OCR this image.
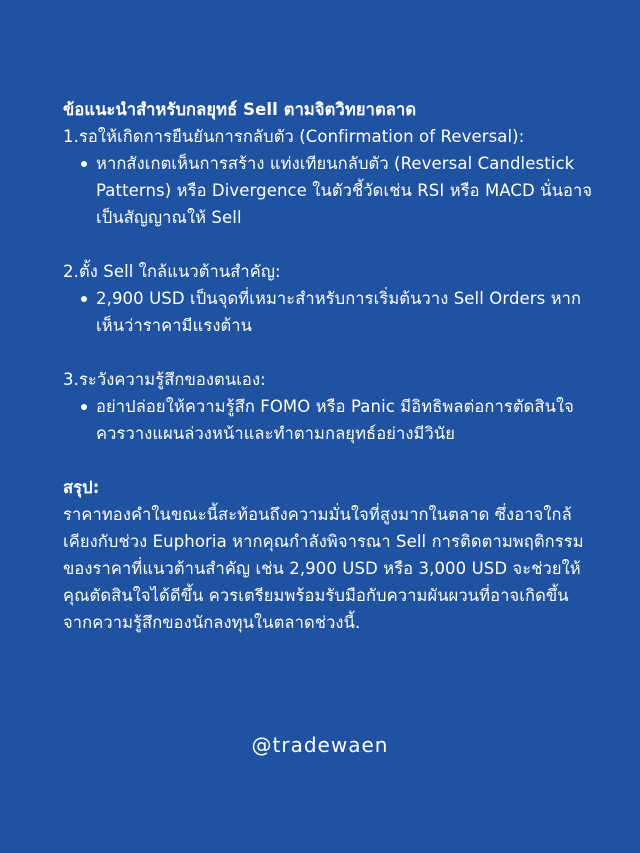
ข้อแนะนำสำหรับกลยุทธ์ Sell ตามจิตวิทยาตลาด

1.รอให้เกิดการยืนยันการกลับตัว (Confirmation of Reversal):

หากสังเกตเห็นการสร้าง แท่งเทียนกลับตัว (Reversal Candlestick Patterns) หรือ Divergence ในตัวชี้วัดเช่น RSI หรือ MACD นั่นอาจเป็นสัญญาณให้ Sell

2.ตั้ง Sell ใกล้แนวต้านสำคัญ:

2,900 USD เป็นจุดที่เหมาะสำหรับการเริ่มต้นวาง Sell Orders หากเห็นว่าราคามีแรงต้าน

3.ระวังความรู้สึกของตนเอง:

อย่าปล่อยให้ความรู้สึก FOMO หรือ Panic มีอิทธิพลต่อการตัดสินใจ ควรวางแผนล่วงหน้าและทำตามกลยุทธ์อย่างมีวินัย

สรุป:

ราคาทองคำในขณะนี้สะท้อนถึงความมั่นใจที่สูงมากในตลาด ซึ่งอาจใกล้เคียงกับช่วง Euphoria หากคุณกำลังพิจารณา Sell การติดตามพฤติกรรมของราคาที่แนวต้านสำคัญ เช่น 2,900 USD หรือ 3,000 USD จะช่วยให้คุณตัดสินใจได้ดีขึ้น ควรเตรียมพร้อมรับมือกับความผันผวนที่อาจเกิดขึ้นจากความรู้สึกของนักลงทุนในตลาดช่วงนี้.

@tradewaen
